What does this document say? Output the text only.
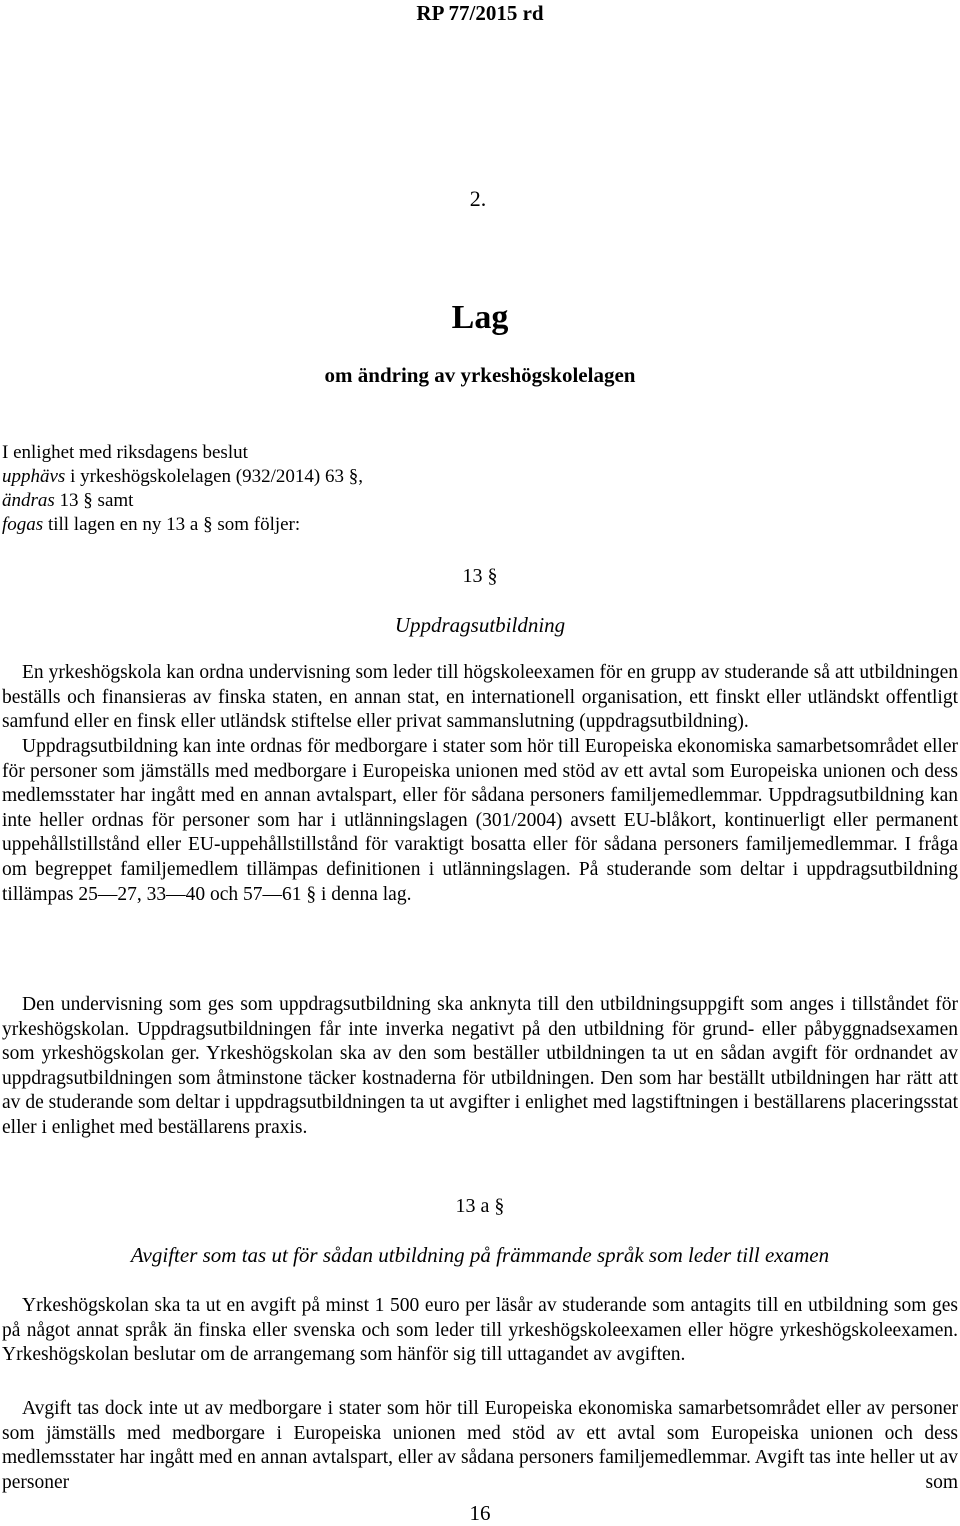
RP 77/2015 rd
2.
Lag
om ändring av yrkeshögskolelagen
I enlighet med riksdagens beslut
upphävs i yrkeshögskolelagen (932/2014) 63 §,
ändras 13 § samt
fogas till lagen en ny 13 a § som följer:
13 §
Uppdragsutbildning
En yrkeshögskola kan ordna undervisning som leder till högskoleexamen för en grupp av studerande så att utbildningen beställs och finansieras av finska staten, en annan stat, en internationell organisation, ett finskt eller utländskt offentligt samfund eller en finsk eller utländsk stiftelse eller privat sammanslutning (uppdragsutbildning).
Uppdragsutbildning kan inte ordnas för medborgare i stater som hör till Europeiska ekonomiska samarbetsområdet eller för personer som jämställs med medborgare i Europeiska unionen med stöd av ett avtal som Europeiska unionen och dess medlemsstater har ingått med en annan avtalspart, eller för sådana personers familjemedlemmar. Uppdragsutbildning kan inte heller ordnas för personer som har i utlänningslagen (301/2004) avsett EU-blåkort, kontinuerligt eller permanent uppehållstillstånd eller EU-uppehållstillstånd för varaktigt bosatta eller för sådana personers familjemedlemmar. I fråga om begreppet familjemedlem tillämpas definitionen i utlänningslagen. På studerande som deltar i uppdragsutbildning tillämpas 25—27, 33—40 och 57—61 § i denna lag.
Den undervisning som ges som uppdragsutbildning ska anknyta till den utbildningsuppgift som anges i tillståndet för yrkeshögskolan. Uppdragsutbildningen får inte inverka negativt på den utbildning för grund- eller påbyggnadsexamen som yrkeshögskolan ger. Yrkeshögskolan ska av den som beställer utbildningen ta ut en sådan avgift för ordnandet av uppdragsutbildningen som åtminstone täcker kostnaderna för utbildningen. Den som har beställt utbildningen har rätt att av de studerande som deltar i uppdragsutbildningen ta ut avgifter i enlighet med lagstiftningen i beställarens placeringsstat eller i enlighet med beställarens praxis.
13 a §
Avgifter som tas ut för sådan utbildning på främmande språk som leder till examen
Yrkeshögskolan ska ta ut en avgift på minst 1 500 euro per läsår av studerande som antagits till en utbildning som ges på något annat språk än finska eller svenska och som leder till yrkeshögskoleexamen eller högre yrkeshögskoleexamen. Yrkeshögskolan beslutar om de arrangemang som hänför sig till uttagandet av avgiften.
Avgift tas dock inte ut av medborgare i stater som hör till Europeiska ekonomiska samarbetsområdet eller av personer som jämställs med medborgare i Europeiska unionen med stöd av ett avtal som Europeiska unionen och dess medlemsstater har ingått med en annan avtalspart, eller av sådana personers familjemedlemmar. Avgift tas inte heller ut av personer som
16
